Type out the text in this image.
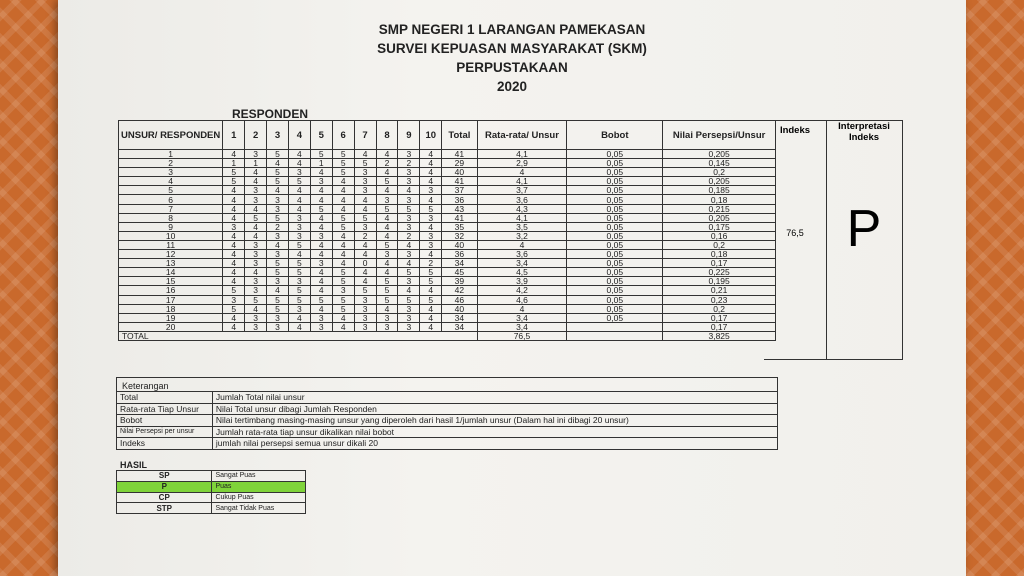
SMP NEGERI 1 LARANGAN PAMEKASAN
SURVEI KEPUASAN MASYARAKAT (SKM)
PERPUSTAKAAN
2020
RESPONDEN
UNSUR/ RESPONDEN	1	2	3	4	5	6	7	8	9	10	Total	Rata-rata/ Unsur	Bobot	Nilai Persepsi/Unsur
1	4	3	5	4	5	5	4	4	3	4	41	4,1	0,05	0,205
2	1	1	4	4	1	5	5	2	2	4	29	2,9	0,05	0,145
3	5	4	5	3	4	5	3	4	3	4	40	4	0,05	0,2
4	5	4	5	5	3	4	3	5	3	4	41	4,1	0,05	0,205
5	4	3	4	4	4	4	3	4	4	3	37	3,7	0,05	0,185
6	4	3	3	4	4	4	4	3	3	4	36	3,6	0,05	0,18
7	4	4	3	4	5	4	4	5	5	5	43	4,3	0,05	0,215
8	4	5	5	3	4	5	5	4	3	3	41	4,1	0,05	0,205
9	3	4	2	3	4	5	3	4	3	4	35	3,5	0,05	0,175
10	4	4	3	3	3	4	2	4	2	3	32	3,2	0,05	0,16
11	4	3	4	5	4	4	4	5	4	3	40	4	0,05	0,2
12	4	3	3	4	4	4	4	3	3	4	36	3,6	0,05	0,18
13	4	3	5	5	3	4	0	4	4	2	34	3,4	0,05	0,17
14	4	4	5	5	4	5	4	4	5	5	45	4,5	0,05	0,225
15	4	3	3	3	4	5	4	5	3	5	39	3,9	0,05	0,195
16	5	3	4	5	4	3	5	5	4	4	42	4,2	0,05	0,21
17	3	5	5	5	5	5	3	5	5	5	46	4,6	0,05	0,23
18	5	4	5	3	4	5	3	4	3	4	40	4	0,05	0,2
19	4	3	3	4	3	4	3	3	3	4	34	3,4	0,05	0,17
20	4	3	3	4	3	4	3	3	3	4	34	3,4		0,17
TOTAL												76,5		3,825
Indeks
76,5
Interpretasi Indeks
P
Keterangan
Total	Jumlah Total nilai unsur
Rata-rata Tiap Unsur	Nilai Total unsur dibagi Jumlah Responden
Bobot	Nilai tertimbang masing-masing unsur yang diperoleh dari hasil 1/jumlah unsur (Dalam hal ini dibagi 20 unsur)
Nilai Persepsi per unsur	Jumlah rata-rata tiap unsur dikalikan nilai bobot
Indeks	jumlah nilai persepsi semua unsur dikali 20
HASIL
SP	Sangat Puas
P	Puas
CP	Cukup Puas
STP	Sangat Tidak Puas
